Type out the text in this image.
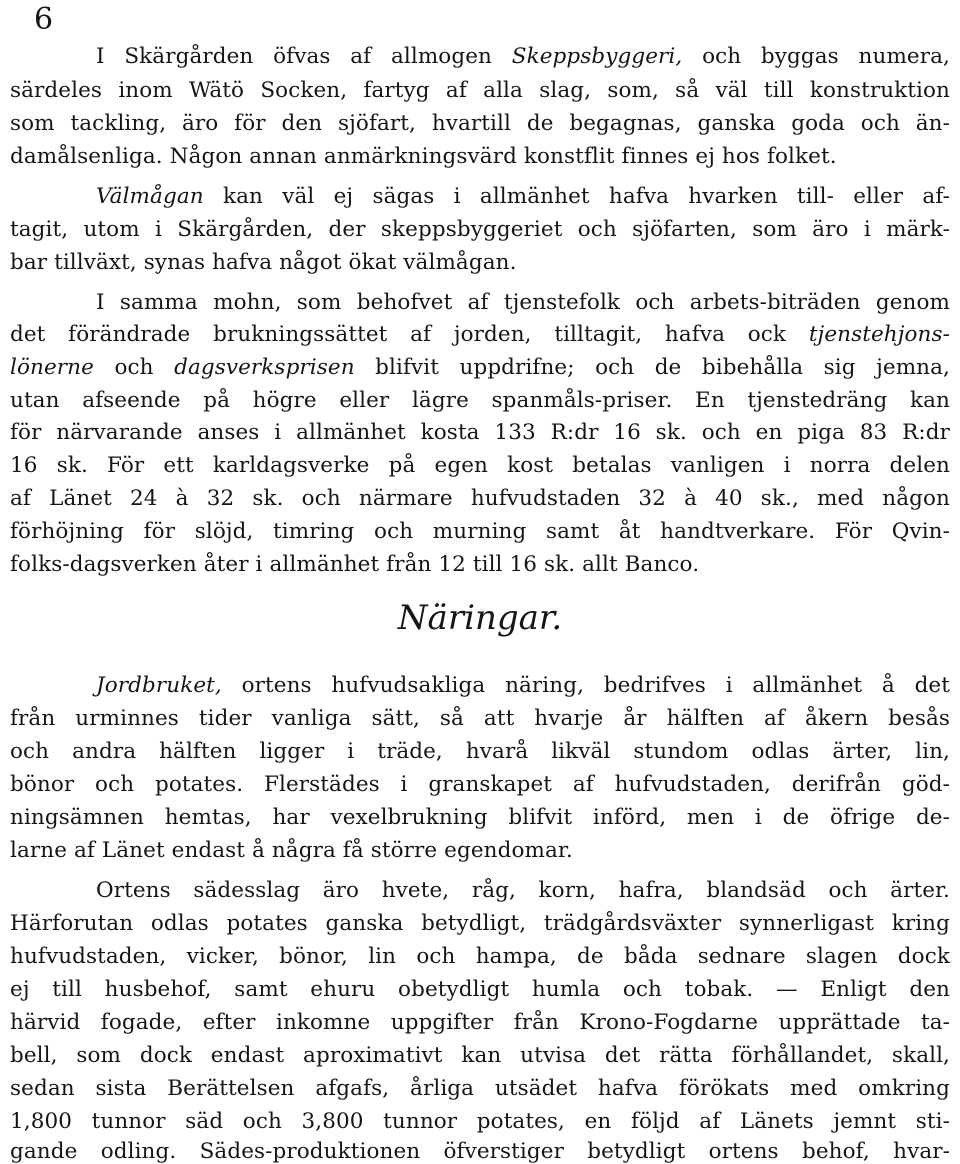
6
I Skärgården öfvas af allmogen Skeppsbyggeri, och byggas numera,
särdeles inom Wätö Socken, fartyg af alla slag, som, så väl till konstruktion
som tackling, äro för den sjöfart, hvartill de begagnas, ganska goda och än-
damålsenliga. Någon annan anmärkningsvärd konstflit finnes ej hos folket.
Välmågan kan väl ej sägas i allmänhet hafva hvarken till- eller af-
tagit, utom i Skärgården, der skeppsbyggeriet och sjöfarten, som äro i märk-
bar tillväxt, synas hafva något ökat välmågan.
I samma mohn, som behofvet af tjenstefolk och arbets-biträden genom
det förändrade brukningssättet af jorden, tilltagit, hafva ock tjenstehjons-
lönerne och dagsverksprisen blifvit uppdrifne; och de bibehålla sig jemna,
utan afseende på högre eller lägre spanmåls-priser. En tjenstedräng kan
för närvarande anses i allmänhet kosta 133 R:dr 16 sk. och en piga 83 R:dr
16 sk. För ett karldagsverke på egen kost betalas vanligen i norra delen
af Länet 24 à 32 sk. och närmare hufvudstaden 32 à 40 sk., med någon
förhöjning för slöjd, timring och murning samt åt handtverkare. För Qvin-
folks-dagsverken åter i allmänhet från 12 till 16 sk. allt Banco.
Näringar.
Jordbruket, ortens hufvudsakliga näring, bedrifves i allmänhet å det
från urminnes tider vanliga sätt, så att hvarje år hälften af åkern besås
och andra hälften ligger i träde, hvarå likväl stundom odlas ärter, lin,
bönor och potates. Flerstädes i granskapet af hufvudstaden, derifrån göd-
ningsämnen hemtas, har vexelbrukning blifvit införd, men i de öfrige de-
larne af Länet endast å några få större egendomar.
Ortens sädesslag äro hvete, råg, korn, hafra, blandsäd och ärter.
Härforutan odlas potates ganska betydligt, trädgårdsväxter synnerligast kring
hufvudstaden, vicker, bönor, lin och hampa, de båda sednare slagen dock
ej till husbehof, samt ehuru obetydligt humla och tobak. — Enligt den
härvid fogade, efter inkomne uppgifter från Krono-Fogdarne upprättade ta-
bell, som dock endast aproximativt kan utvisa det rätta förhållandet, skall,
sedan sista Berättelsen afgafs, årliga utsädet hafva förökats med omkring
1,800 tunnor säd och 3,800 tunnor potates, en följd af Länets jemnt sti-
gande odling. Sädes-produktionen öfverstiger betydligt ortens behof, hvar-
